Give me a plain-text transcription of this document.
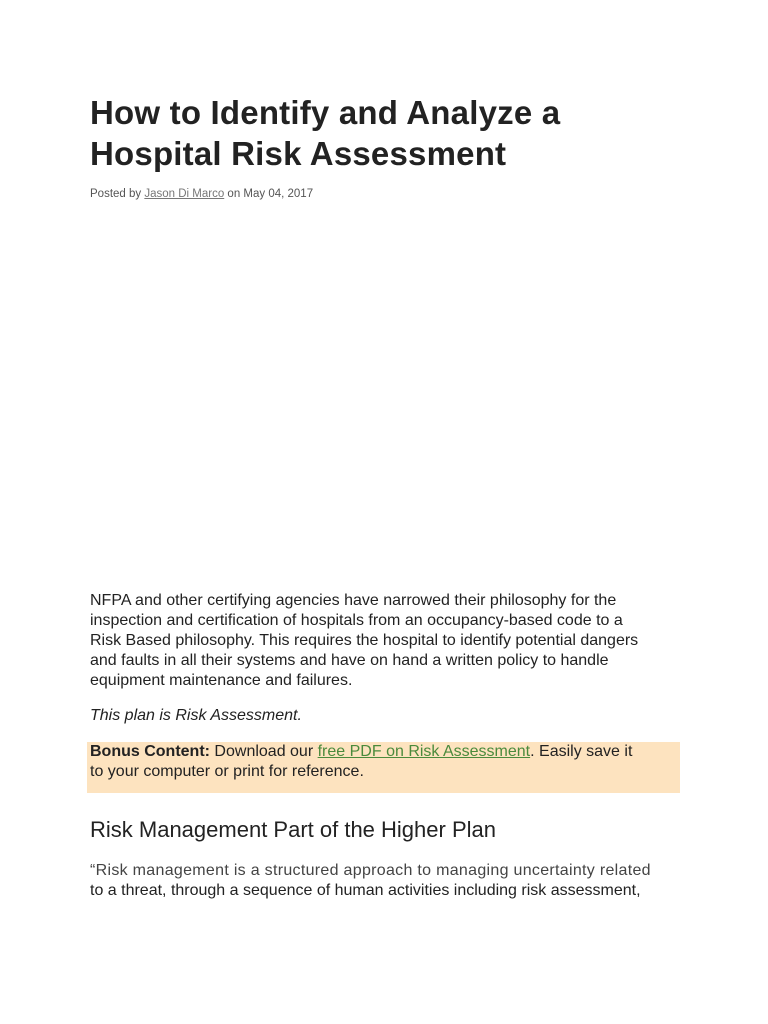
How to Identify and Analyze a
Hospital Risk Assessment
Posted by Jason Di Marco on May 04, 2017

NFPA and other certifying agencies have narrowed their philosophy for the
inspection and certification of hospitals from an occupancy-based code to a
Risk Based philosophy. This requires the hospital to identify potential dangers
and faults in all their systems and have on hand a written policy to handle
equipment maintenance and failures.

This plan is Risk Assessment.

Bonus Content: Download our free PDF on Risk Assessment. Easily save it
to your computer or print for reference.

Risk Management Part of the Higher Plan

“Risk management is a structured approach to managing uncertainty related
to a threat, through a sequence of human activities including risk assessment,
